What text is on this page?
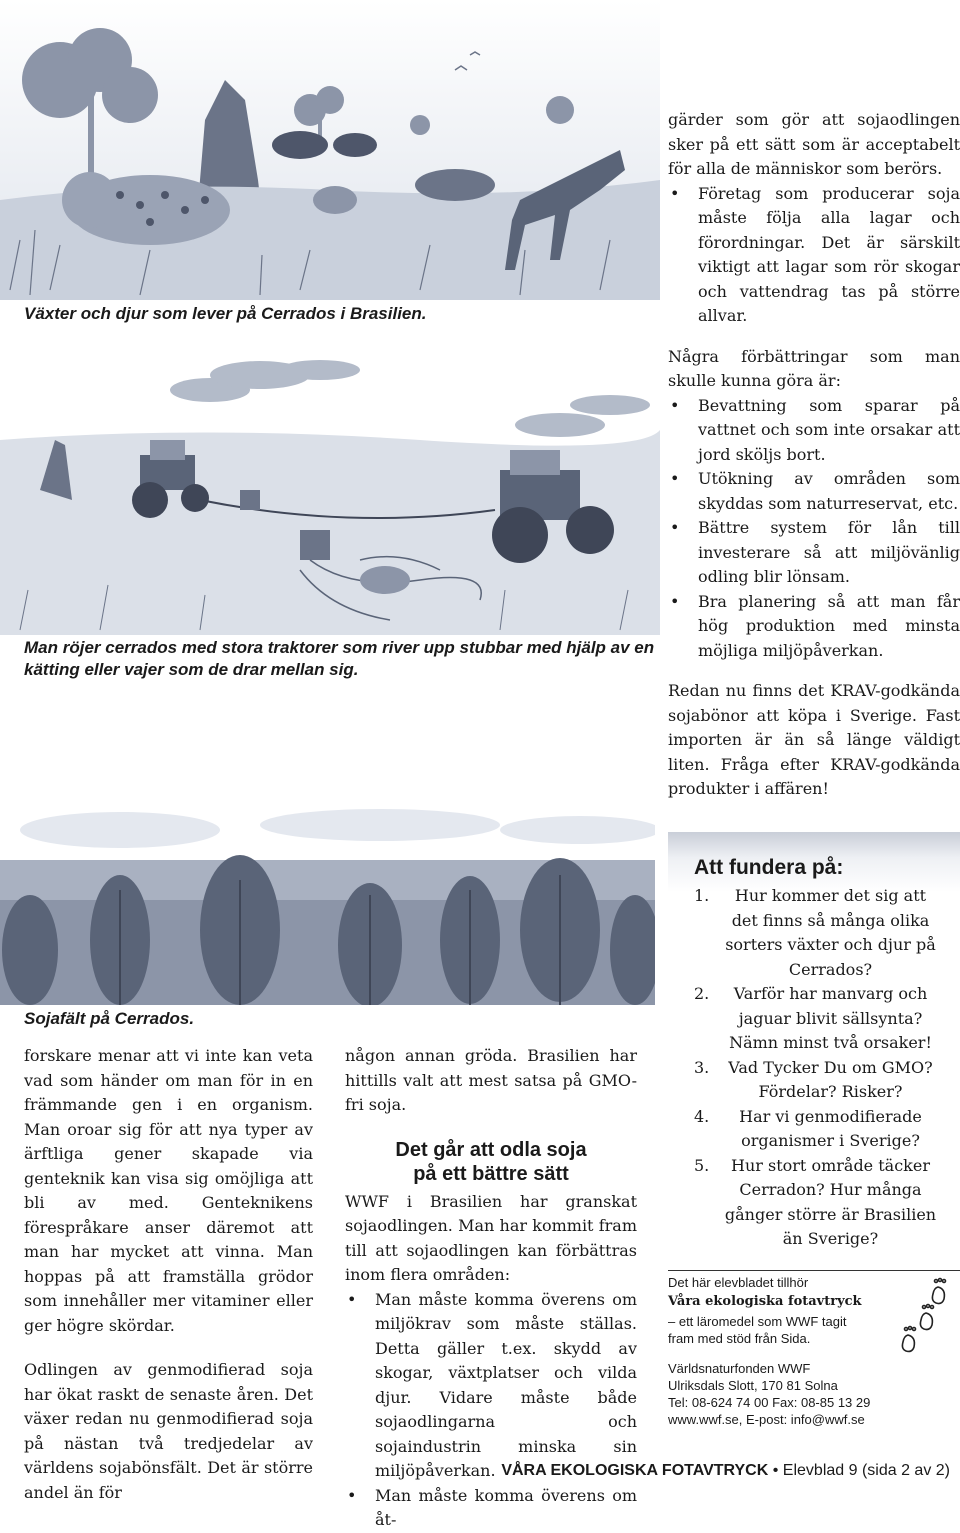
Växter och djur som lever på Cerrados i Brasilien.
Man röjer cerrados med stora traktorer som river upp stubbar med hjälp av en kätting eller vajer som de drar mellan sig.

gärder som gör att sojaodlingen sker på ett sätt som är acceptabelt för alla de människor som berörs.

• Företag som producerar soja måste följa alla lagar och förordningar. Det är särskilt viktigt att lagar som rör skogar och vattendrag tas på större allvar.

Några förbättringar som man skulle kunna göra är:

• Bevattning som sparar på vattnet och som inte orsakar att jord sköljs bort.
• Utökning av områden som skyddas som naturreservat, etc.
• Bättre system för lån till investerare så att miljövänlig odling blir lönsam.
• Bra planering så att man får hög produktion med minsta möjliga miljöpåverkan.

Redan nu finns det KRAV-godkända sojabönor att köpa i Sverige. Fast importen är än så länge väldigt liten. Fråga efter KRAV-godkända produkter i affären!

Sojafält på Cerrados.

forskare menar att vi inte kan veta vad som händer om man för in en främmande gen i en organism. Man oroar sig för att nya typer av ärftliga gener skapade via genteknik kan visa sig omöjliga att bli av med. Genteknikens förespråkare anser däremot att man har mycket att vinna. Man hoppas på att framställa grödor som innehåller mer vitaminer eller ger högre skördar.

Odlingen av genmodifierad soja har ökat raskt de senaste åren. Det växer redan nu genmodifierad soja på nästan två tredjedelar av världens sojabönsfält. Det är större andel än för

någon annan gröda. Brasilien har hittills valt att mest satsa på GMO-fri soja.

Det går att odla soja
på ett bättre sätt

WWF i Brasilien har granskat sojaodlingen. Man har kommit fram till att sojaodlingen kan förbättras inom flera områden:

• Man måste komma överens om miljökrav som måste ställas. Detta gäller t.ex. skydd av skogar, växtplatser och vilda djur. Vidare måste både sojaodlingarna och sojaindustrin minska sin miljöpåverkan.
• Man måste komma överens om åt-
Att fundera på:
1. Hur kommer det sig att det finns så många olika sorters växter och djur på Cerrados?
2. Varför har manvarg och jaguar blivit sällsynta? Nämn minst två orsaker!
3. Vad Tycker Du om GMO? Fördelar? Risker?
4. Har vi genmodifierade organismer i Sverige?
5. Hur stort område täcker Cerradon? Hur många gånger större är Brasilien än Sverige?
Det här elevbladet tillhör
Våra ekologiska fotavtryck
– ett läromedel som WWF tagit
fram med stöd från Sida.
Världsnaturfonden WWF
Ulriksdals Slott, 170 81 Solna
Tel: 08-624 74 00 Fax: 08-85 13 29
www.wwf.se, E-post: info@wwf.se
VÅRA EKOLOGISKA FOTAVTRYCK • Elevblad 9 (sida 2 av 2)
